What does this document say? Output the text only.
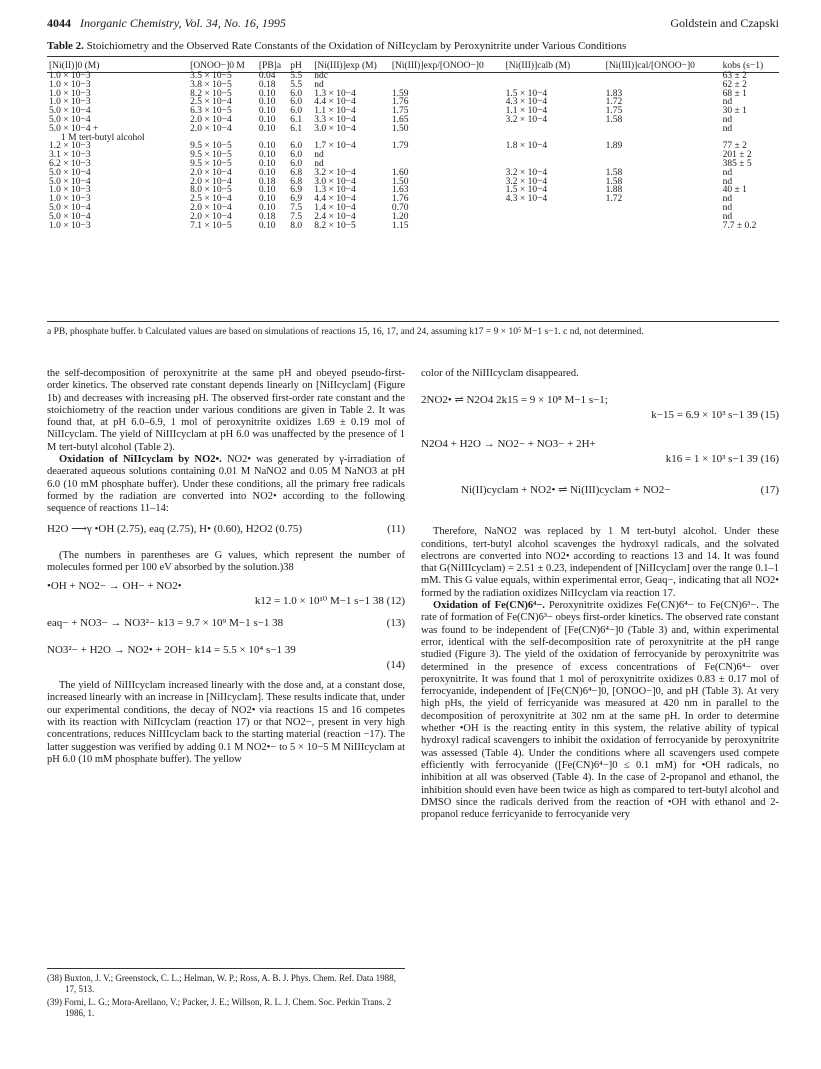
4044 Inorganic Chemistry, Vol. 34, No. 16, 1995	Goldstein and Czapski
Table 2. Stoichiometry and the Observed Rate Constants of the Oxidation of NiIIcyclam by Peroxynitrite under Various Conditions
[Ni(II)]0 (M)	[ONOO−]0 M	[PB]a	pH	[Ni(III)]exp (M)	[Ni(III)]exp/[ONOO−]0	[Ni(III)]calb (M)	[Ni(III)]cal/[ONOO−]0	kobs (s−1)
1.0 × 10−3	3.5 × 10−5	0.04	5.5	ndc				63 ± 2
1.0 × 10−3	3.8 × 10−5	0.18	5.5	nd				62 ± 2
1.0 × 10−3	8.2 × 10−5	0.10	6.0	1.3 × 10−4	1.59	1.5 × 10−4	1.83	68 ± 1
1.0 × 10−3	2.5 × 10−4	0.10	6.0	4.4 × 10−4	1.76	4.3 × 10−4	1.72	nd
5.0 × 10−4	6.3 × 10−5	0.10	6.0	1.1 × 10−4	1.75	1.1 × 10−4	1.75	30 ± 1
5.0 × 10−4	2.0 × 10−4	0.10	6.1	3.3 × 10−4	1.65	3.2 × 10−4	1.58	nd
5.0 × 10−4 +	2.0 × 10−4	0.10	6.1	3.0 × 10−4	1.50			nd
1 M tert-butyl alcohol								
1.2 × 10−3	9.5 × 10−5	0.10	6.0	1.7 × 10−4	1.79	1.8 × 10−4	1.89	77 ± 2
3.1 × 10−3	9.5 × 10−5	0.10	6.0	nd				201 ± 2
6.2 × 10−3	9.5 × 10−5	0.10	6.0	nd				385 ± 5
5.0 × 10−4	2.0 × 10−4	0.10	6.8	3.2 × 10−4	1.60	3.2 × 10−4	1.58	nd
5.0 × 10−4	2.0 × 10−4	0.18	6.8	3.0 × 10−4	1.50	3.2 × 10−4	1.58	nd
1.0 × 10−3	8.0 × 10−5	0.10	6.9	1.3 × 10−4	1.63	1.5 × 10−4	1.88	40 ± 1
1.0 × 10−3	2.5 × 10−4	0.10	6.9	4.4 × 10−4	1.76	4.3 × 10−4	1.72	nd
5.0 × 10−4	2.0 × 10−4	0.10	7.5	1.4 × 10−4	0.70			nd
5.0 × 10−4	2.0 × 10−4	0.18	7.5	2.4 × 10−4	1.20			nd
1.0 × 10−3	7.1 × 10−5	0.10	8.0	8.2 × 10−5	1.15			7.7 ± 0.2
a PB, phosphate buffer. b Calculated values are based on simulations of reactions 15, 16, 17, and 24, assuming k17 = 9 × 10⁵ M−1 s−1. c nd, not determined.

the self-decomposition of peroxynitrite at the same pH and obeyed pseudo-first-order kinetics. The observed rate constant depends linearly on [NiIIcyclam] (Figure 1b) and decreases with increasing pH. The observed first-order rate constant and the stoichiometry of the reaction under various conditions are given in Table 2. It was found that, at pH 6.0–6.9, 1 mol of peroxynitrite oxidizes 1.69 ± 0.19 mol of NiIIcyclam. The yield of NiIIIcyclam at pH 6.0 was unaffected by the presence of 1 M tert-butyl alcohol (Table 2).

Oxidation of NiIIcyclam by NO2•. NO2• was generated by γ-irradiation of deaerated aqueous solutions containing 0.01 M NaNO2 and 0.05 M NaNO3 at pH 6.0 (10 mM phosphate buffer). Under these conditions, all the primary free radicals formed by the radiation are converted into NO2• according to the following sequence of reactions 11–14:

H2O ⟶γ •OH (2.75), eaq (2.75), H• (0.60), H2O2 (0.75)	(11)

(The numbers in parentheses are G values, which represent the number of molecules formed per 100 eV absorbed by the solution.)38

•OH + NO2− → OH− + NO2•
k12 = 1.0 × 10¹⁰ M−1 s−1 38 (12)
eaq− + NO3− → NO3²− k13 = 9.7 × 10⁹ M−1 s−1 38	(13)
NO3²− + H2O → NO2• + 2OH− k14 = 5.5 × 10⁴ s−1 39
(14)

The yield of NiIIIcyclam increased linearly with the dose and, at a constant dose, increased linearly with an increase in [NiIIcyclam]. These results indicate that, under our experimental conditions, the decay of NO2• via reactions 15 and 16 competes with its reaction with NiIIcyclam (reaction 17) or that NO2−, present in very high concentrations, reduces NiIIIcyclam back to the starting material (reaction −17). The latter suggestion was verified by adding 0.1 M NO2•− to 5 × 10−5 M NiIIIcyclam at pH 6.0 (10 mM phosphate buffer). The yellow

color of the NiIIIcyclam disappeared.

2NO2• ⇌ N2O4 2k15 = 9 × 10⁸ M−1 s−1;
k−15 = 6.9 × 10³ s−1 39 (15)
N2O4 + H2O → NO2− + NO3− + 2H+
k16 = 1 × 10³ s−1 39 (16)
Ni(II)cyclam + NO2• ⇌ Ni(III)cyclam + NO2−	(17)

Therefore, NaNO2 was replaced by 1 M tert-butyl alcohol. Under these conditions, tert-butyl alcohol scavenges the hydroxyl radicals, and the solvated electrons are converted into NO2• according to reactions 13 and 14. It was found that G(NiIIIcyclam) = 2.51 ± 0.23, independent of [NiIIcyclam] over the range 0.1–1 mM. This G value equals, within experimental error, Geaq−, indicating that all NO2• formed by the radiation oxidizes NiIIcyclam via reaction 17.

Oxidation of Fe(CN)6⁴−. Peroxynitrite oxidizes Fe(CN)6⁴− to Fe(CN)6³−. The rate of formation of Fe(CN)6³− obeys first-order kinetics. The observed rate constant was found to be independent of [Fe(CN)6⁴−]0 (Table 3) and, within experimental error, identical with the self-decomposition rate of peroxynitrite at the pH range studied (Figure 3). The yield of the oxidation of ferrocyanide by peroxynitrite was determined in the presence of excess concentrations of Fe(CN)6⁴− over peroxynitrite. It was found that 1 mol of peroxynitrite oxidizes 0.83 ± 0.17 mol of ferrocyanide, independent of [Fe(CN)6⁴−]0, [ONOO−]0, and pH (Table 3). At very high pHs, the yield of ferricyanide was measured at 420 nm in parallel to the decomposition of peroxynitrite at 302 nm at the same pH. In order to determine whether •OH is the reacting entity in this system, the relative ability of typical hydroxyl radical scavengers to inhibit the oxidation of ferrocyanide by peroxynitrite was assessed (Table 4). Under the conditions where all scavengers used compete efficiently with ferrocyanide ([Fe(CN)6⁴−]0 ≤ 0.1 mM) for •OH radicals, no inhibition at all was observed (Table 4). In the case of 2-propanol and ethanol, the inhibition should even have been twice as high as compared to tert-butyl alcohol and DMSO since the radicals derived from the reaction of •OH with ethanol and 2-propanol reduce ferricyanide to ferrocyanide very

(38) Buxton, J. V.; Greenstock, C. L.; Helman, W. P.; Ross, A. B. J. Phys. Chem. Ref. Data 1988, 17, 513.

(39) Forni, L. G.; Mora-Arellano, V.; Packer, J. E.; Willson, R. L. J. Chem. Soc. Perkin Trans. 2 1986, 1.
